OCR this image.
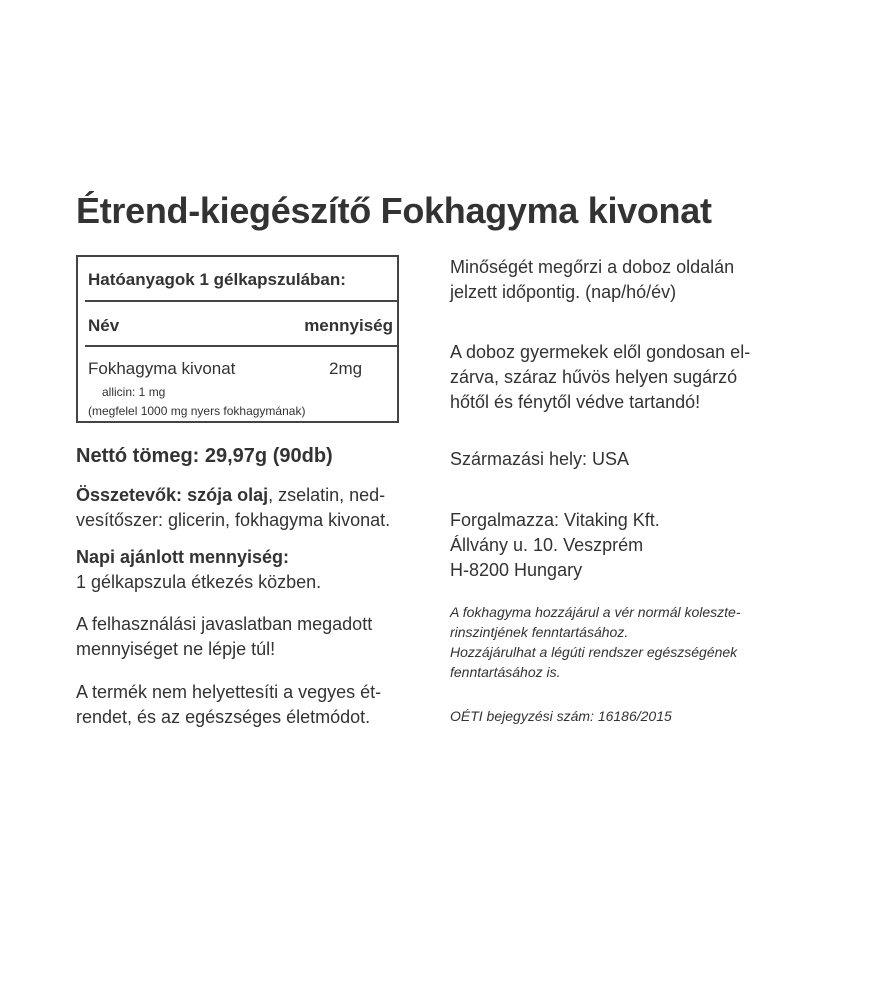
Étrend-kiegészítő Fokhagyma kivonat
Hatóanyagok 1 gélkapszulában:
Név	mennyiség
Fokhagyma kivonat	2mg
allicin: 1 mg
(megfelel 1000 mg nyers fokhagymának)
Nettó tömeg: 29,97g (90db)
Összetevők: szója olaj, zselatin, ned-
vesítőszer: glicerin, fokhagyma kivonat.
Napi ajánlott mennyiség:
1 gélkapszula étkezés közben.
A felhasználási javaslatban megadott
mennyiséget ne lépje túl!
A termék nem helyettesíti a vegyes ét-
rendet, és az egészséges életmódot.
Minőségét megőrzi a doboz oldalán
jelzett időpontig. (nap/hó/év)
A doboz gyermekek elől gondosan el-
zárva, száraz hűvös helyen sugárzó
hőtől és fénytől védve tartandó!
Származási hely: USA
Forgalmazza: Vitaking Kft.
Állvány u. 10. Veszprém
H-8200 Hungary
A fokhagyma hozzájárul a vér normál koleszte-
rinszintjének fenntartásához.
Hozzájárulhat a légúti rendszer egészségének
fenntartásához is.
OÉTI bejegyzési szám: 16186/2015
